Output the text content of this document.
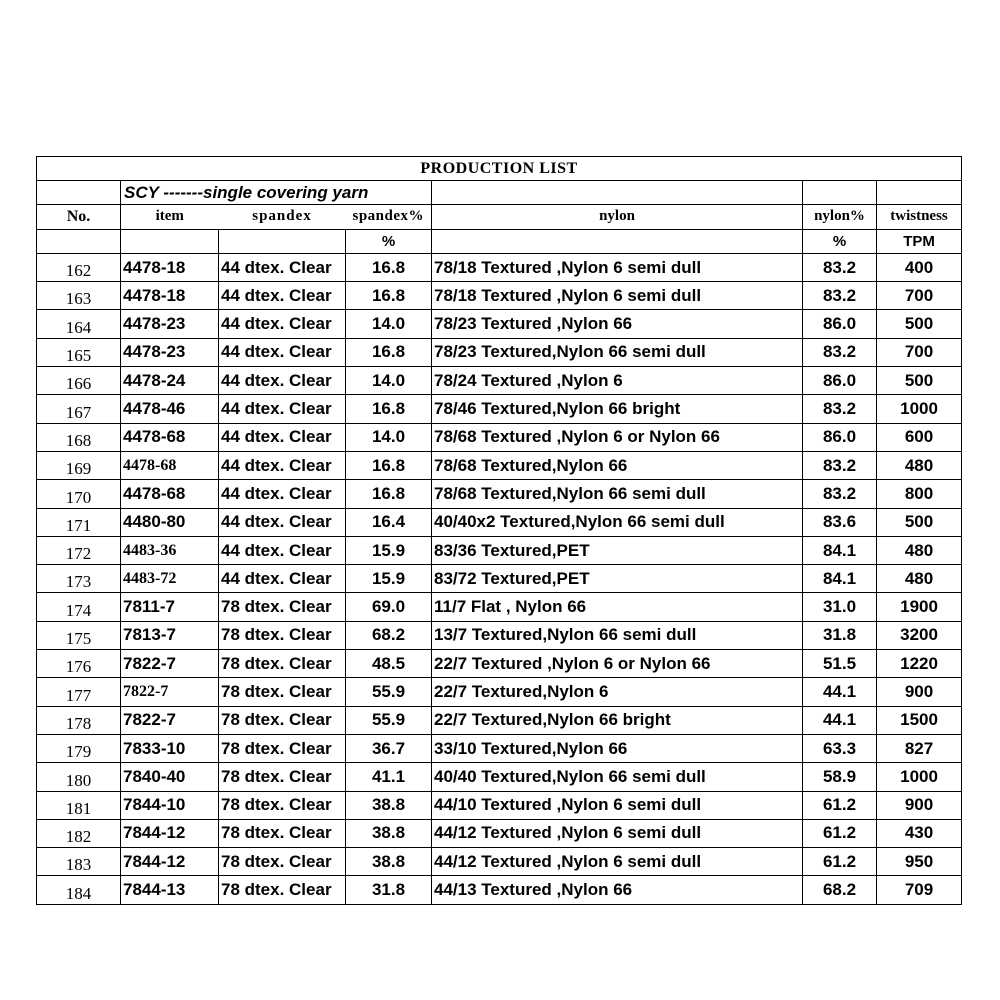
PRODUCTION LIST						
	SCY -------single covering yarn					
No.	item	spandex	spandex%	nylon	nylon%	twistness
			%		%	TPM
162	4478-18	44 dtex. Clear	16.8	78/18 Textured ,Nylon 6 semi dull	83.2	400
163	4478-18	44 dtex. Clear	16.8	78/18 Textured ,Nylon 6 semi dull	83.2	700
164	4478-23	44 dtex. Clear	14.0	78/23 Textured ,Nylon 66	86.0	500
165	4478-23	44 dtex. Clear	16.8	78/23 Textured,Nylon 66 semi dull	83.2	700
166	4478-24	44 dtex. Clear	14.0	78/24 Textured ,Nylon 6	86.0	500
167	4478-46	44 dtex. Clear	16.8	78/46 Textured,Nylon 66 bright	83.2	1000
168	4478-68	44 dtex. Clear	14.0	78/68 Textured ,Nylon 6 or Nylon 66	86.0	600
169	4478-68	44 dtex. Clear	16.8	78/68 Textured,Nylon 66	83.2	480
170	4478-68	44 dtex. Clear	16.8	78/68 Textured,Nylon 66 semi dull	83.2	800
171	4480-80	44 dtex. Clear	16.4	40/40x2 Textured,Nylon 66 semi dull	83.6	500
172	4483-36	44 dtex. Clear	15.9	83/36 Textured,PET	84.1	480
173	4483-72	44 dtex. Clear	15.9	83/72 Textured,PET	84.1	480
174	7811-7	78 dtex. Clear	69.0	11/7 Flat , Nylon 66	31.0	1900
175	7813-7	78 dtex. Clear	68.2	13/7 Textured,Nylon 66 semi dull	31.8	3200
176	7822-7	78 dtex. Clear	48.5	22/7 Textured ,Nylon 6 or Nylon 66	51.5	1220
177	7822-7	78 dtex. Clear	55.9	22/7 Textured,Nylon 6	44.1	900
178	7822-7	78 dtex. Clear	55.9	22/7 Textured,Nylon 66 bright	44.1	1500
179	7833-10	78 dtex. Clear	36.7	33/10 Textured,Nylon 66	63.3	827
180	7840-40	78 dtex. Clear	41.1	40/40 Textured,Nylon 66 semi dull	58.9	1000
181	7844-10	78 dtex. Clear	38.8	44/10 Textured ,Nylon 6 semi dull	61.2	900
182	7844-12	78 dtex. Clear	38.8	44/12 Textured ,Nylon 6 semi dull	61.2	430
183	7844-12	78 dtex. Clear	38.8	44/12 Textured ,Nylon 6 semi dull	61.2	950
184	7844-13	78 dtex. Clear	31.8	44/13 Textured ,Nylon 66	68.2	709
